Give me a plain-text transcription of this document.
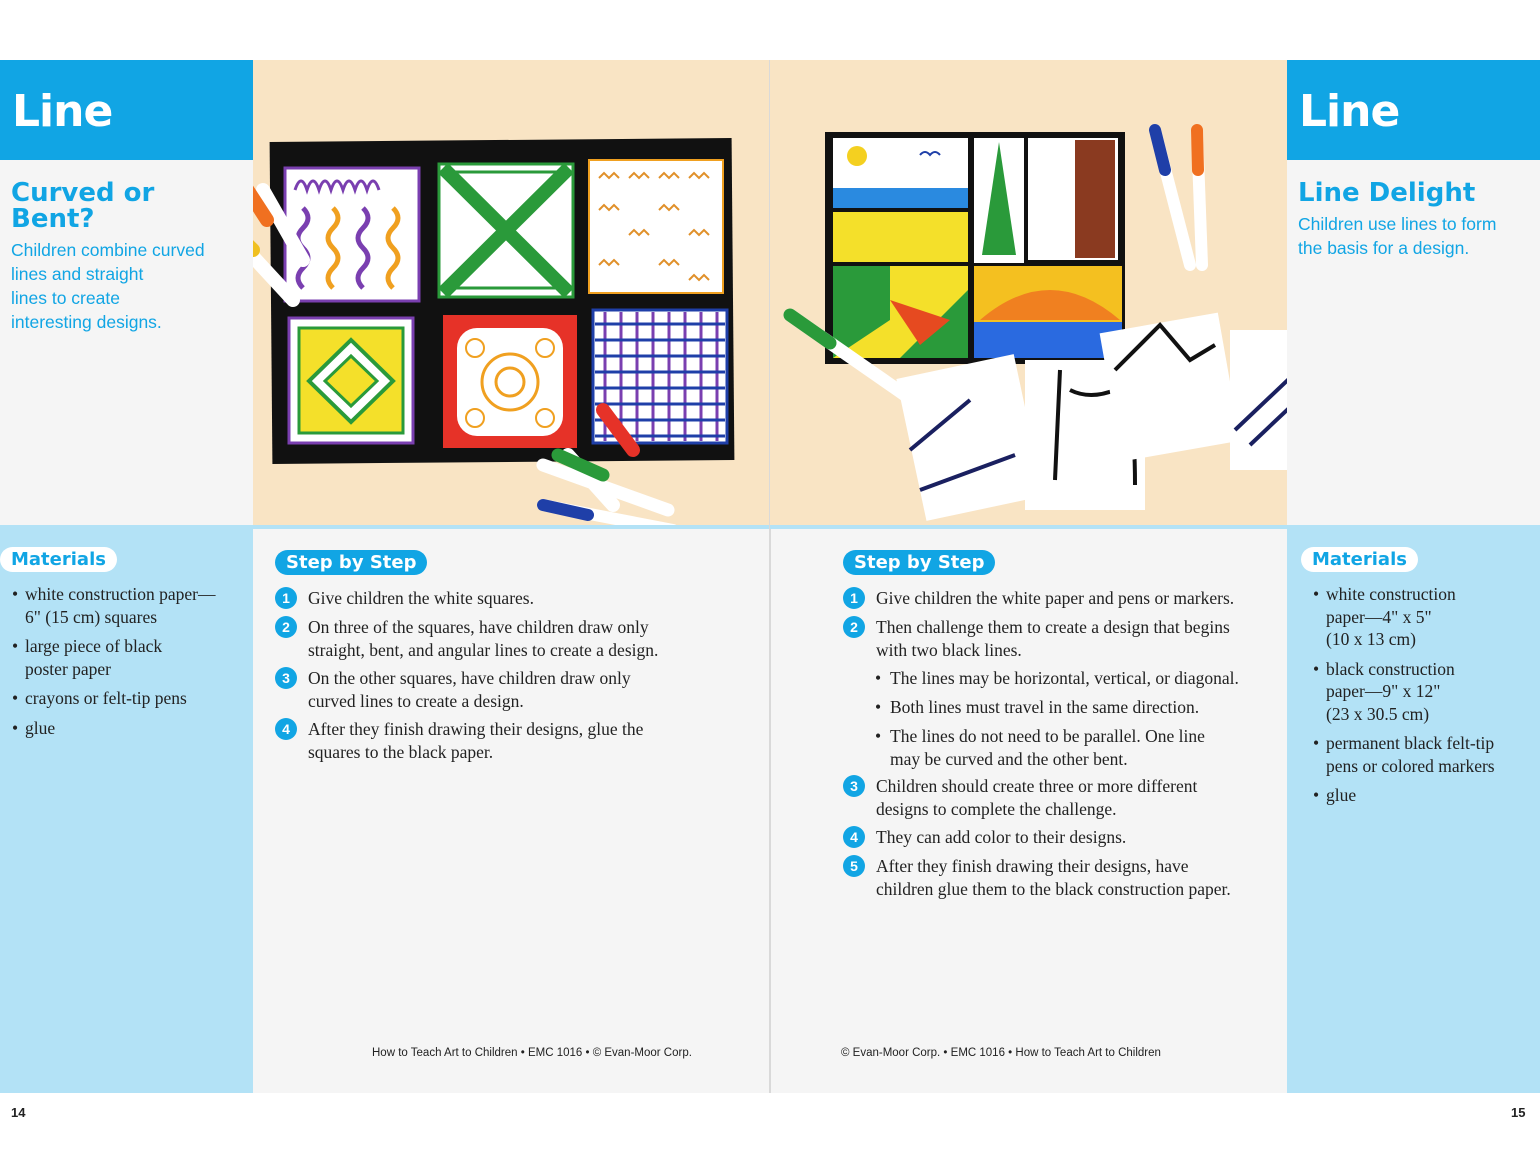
Line
Curved or Bent?
Children combine curved
lines and straight
lines to create
interesting designs.
Materials
• white construction paper—
6" (15 cm) squares
• large piece of black
poster paper
• crayons or felt-tip pens
• glue
14
Step by Step
1	Give children the white squares.
2	On three of the squares, have children draw only
straight, bent, and angular lines to create a design.
3	On the other squares, have children draw only
curved lines to create a design.
4	After they finish drawing their designs, glue the
squares to the black paper.
How to Teach Art to Children • EMC 1016 • © Evan-Moor Corp.
Step by Step
1	Give children the white paper and pens or markers.
2	Then challenge them to create a design that begins
with two black lines.
• The lines may be horizontal, vertical, or diagonal.
• Both lines must travel in the same direction.
• The lines do not need to be parallel. One line
may be curved and the other bent.
3	Children should create three or more different
designs to complete the challenge.
4	They can add color to their designs.
5	After they finish drawing their designs, have
children glue them to the black construction paper.
© Evan-Moor Corp. • EMC 1016 • How to Teach Art to Children
Line
Line Delight
Children use lines to form
the basis for a design.
Materials
• white construction
paper—4" x 5"
(10 x 13 cm)
• black construction
paper—9" x 12"
(23 x 30.5 cm)
• permanent black felt-tip
pens or colored markers
• glue
15
